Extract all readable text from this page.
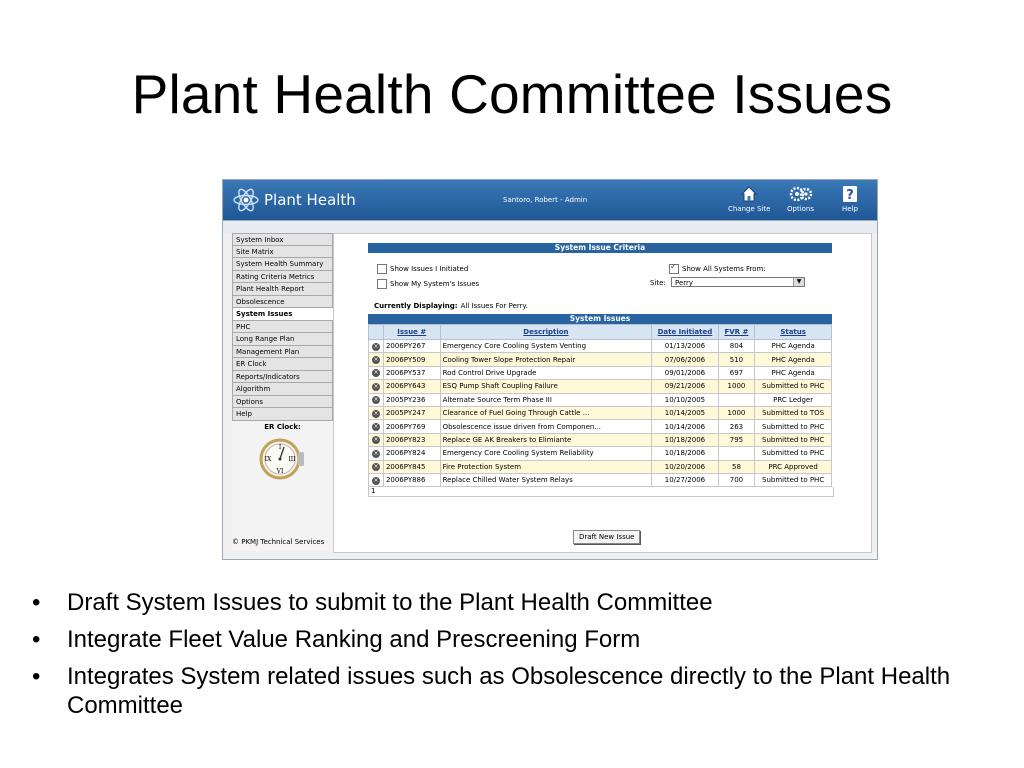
Plant Health Committee Issues
Plant Health	Santoro, Robert - Admin
Change Site Options
?
Help
System Inbox
Site Matrix
System Health Summary
Rating Criteria Metrics
Plant Health Report
Obsolescence
System Issues
PHC
Long Range Plan
Management Plan
ER Clock
Reports/Indicators
Algorithm
Options
Help
ER Clock:
I
III
VI
IX
© PKMJ Technical Services
System Issue Criteria
Show Issues I Initiated
Show My System's Issues
✓Show All Systems From:
Site:	Perry	▼
Currently Displaying: All Issues For Perry.
System Issues
	Issue #	Description	Date Initiated	FVR #	Status
×	2006PY267	Emergency Core Cooling System Venting	01/13/2006	804	PHC Agenda
×	2006PY509	Cooling Tower Slope Protection Repair	07/06/2006	510	PHC Agenda
×	2006PY537	Rod Control Drive Upgrade	09/01/2006	697	PHC Agenda
×	2006PY643	ESQ Pump Shaft Coupling Failure	09/21/2006	1000	Submitted to PHC
×	2005PY236	Alternate Source Term Phase III	10/10/2005		PRC Ledger
×	2005PY247	Clearance of Fuel Going Through Cattle ...	10/14/2005	1000	Submitted to TOS
×	2006PY769	Obsolescence issue driven from Componen...	10/14/2006	263	Submitted to PHC
×	2006PY823	Replace GE AK Breakers to Elimiante	10/18/2006	795	Submitted to PHC
×	2006PY824	Emergency Core Cooling System Reliability	10/18/2006		Submitted to PHC
×	2006PY845	Fire Protection System	10/20/2006	58	PRC Approved
×	2006PY886	Replace Chilled Water System Relays	10/27/2006	700	Submitted to PHC
1
Draft New Issue
• Draft System Issues to submit to the Plant Health Committee
• Integrate Fleet Value Ranking and Prescreening Form
• Integrates System related issues such as Obsolescence directly to the Plant Health Committee
